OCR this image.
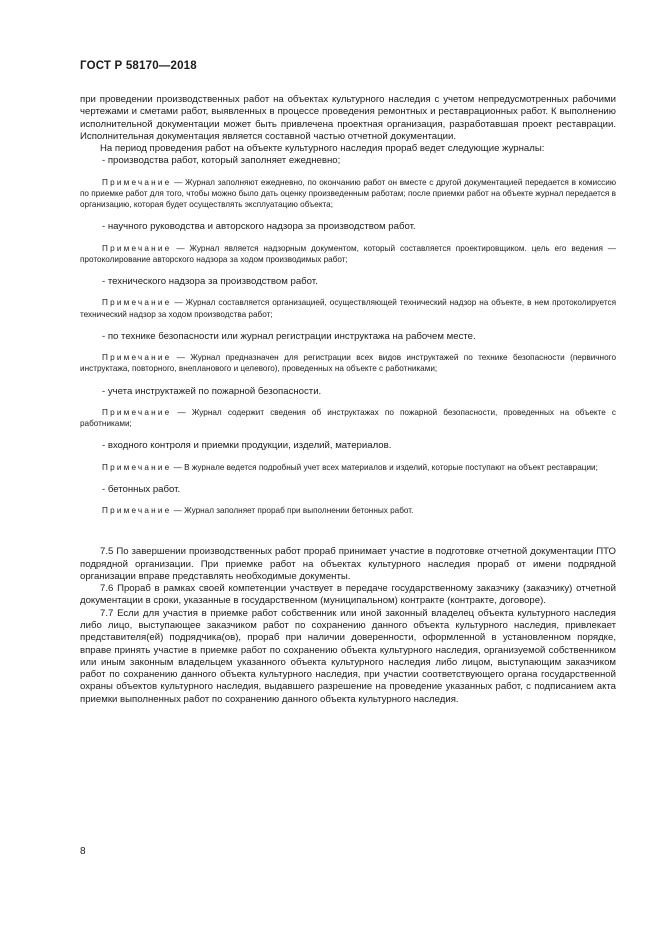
ГОСТ Р 58170—2018

при проведении производственных работ на объектах культурного наследия с учетом непредусмотренных рабочими чертежами и сметами работ, выявленных в процессе проведения ремонтных и реставрационных работ. К выполнению исполнительной документации может быть привлечена проектная организация, разработавшая проект реставрации. Исполнительная документация является составной частью отчетной документации.

На период проведения работ на объекте культурного наследия прораб ведет следующие журналы:

- производства работ, который заполняет ежедневно;

Примечание — Журнал заполняют ежедневно, по окончанию работ он вместе с другой документацией передается в комиссию по приемке работ для того, чтобы можно было дать оценку произведенным работам; после приемки работ на объекте журнал передается в организацию, которая будет осуществлять эксплуатацию объекта;

- научного руководства и авторского надзора за производством работ.

Примечание — Журнал является надзорным документом, который составляется проектировщиком. цель его ведения — протоколирование авторского надзора за ходом производимых работ;

- технического надзора за производством работ.

Примечание — Журнал составляется организацией, осуществляющей технический надзор на объекте, в нем протоколируется технический надзор за ходом производства работ;

- по технике безопасности или журнал регистрации инструктажа на рабочем месте.

Примечание — Журнал предназначен для регистрации всех видов инструктажей по технике безопасности (первичного инструктажа, повторного, внепланового и целевого), проведенных на объекте с работниками;

- учета инструктажей по пожарной безопасности.

Примечание — Журнал содержит сведения об инструктажах по пожарной безопасности, проведенных на объекте с работниками;

- входного контроля и приемки продукции, изделий, материалов.

Примечание — В журнале ведется подробный учет всех материалов и изделий, которые поступают на объект реставрации;

- бетонных работ.

Примечание — Журнал заполняет прораб при выполнении бетонных работ.

7.5 По завершении производственных работ прораб принимает участие в подготовке отчетной документации ПТО подрядной организации. При приемке работ на объектах культурного наследия прораб от имени подрядной организации вправе представлять необходимые документы.

7.6 Прораб в рамках своей компетенции участвует в передаче государственному заказчику (заказчику) отчетной документации в сроки, указанные в государственном (муниципальном) контракте (контракте, договоре).

7.7 Если для участия в приемке работ собственник или иной законный владелец объекта культурного наследия либо лицо, выступающее заказчиком работ по сохранению данного объекта культурного наследия, привлекает представителя(ей) подрядчика(ов), прораб при наличии доверенности, оформленной в установленном порядке, вправе принять участие в приемке работ по сохранению объекта культурного наследия, организуемой собственником или иным законным владельцем указанного объекта культурного наследия либо лицом, выступающим заказчиком работ по сохранению данного объекта культурного наследия, при участии соответствующего органа государственной охраны объектов культурного наследия, выдавшего разрешение на проведение указанных работ, с подписанием акта приемки выполненных работ по сохранению данного объекта культурного наследия.

8
